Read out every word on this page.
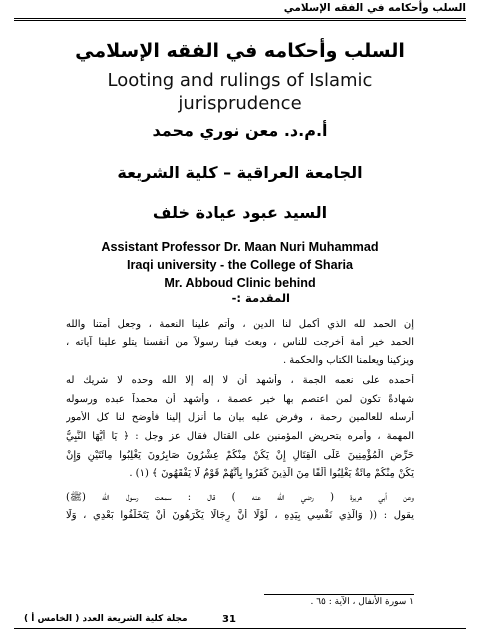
السلب وأحكامه في الفقه الإسلامي
السلب وأحكامه في الفقه الإسلامي
Looting and rulings of Islamic
jurisprudence
أ.م.د. معن نوري محمد
الجامعة العراقية – كلية الشريعة
السيد عبود عيادة خلف
Assistant Professor Dr. Maan Nuri Muhammad
Iraqi university - the College of Sharia
Mr. Abboud Clinic behind
المقدمة :-
إن الحمد لله الذي أكمل لنا الدين ، وأتم علينا النعمة ، وجعل أمتنا والله
الحمد خير أمة أخرجت للناس ، وبعث فينا رسولاً من أنفسنا يتلو علينا آياته ،
ويزكينا ويعلمنا الكتاب والحكمة .
أحمده على نعمه الجمة ، وأشهد أن لا إله إلا الله وحده لا شريك له
شهادةً تكون لمن اعتصم بها خير عصمة ، وأشهد أن محمداً عبده ورسوله
أرسله للعالمين رحمة ، وفرض عليه بيان ما أنزل إلينا فأوضح لنا كل الأمور
المهمة ، وأمره بتحريض المؤمنين على القتال فقال عز وجل : ﴿ يَا أَيُّهَا النَّبِيُّ
حَرِّضِ الْمُؤْمِنِينَ عَلَى الْقِتَالِ إِنْ يَكُنْ مِنْكُمْ عِشْرُونَ صَابِرُونَ يَغْلِبُوا مِائَتَيْنِ وَإِنْ
يَكُنْ مِنْكُمْ مِائَةٌ يَغْلِبُوا أَلْفًا مِنَ الَّذِينَ كَفَرُوا بِأَنَّهُمْ قَوْمٌ لَا يَفْقَهُونَ ﴾ (١) .
وعن أبي هريرة ( رضي الله عنه ) قال : سمعت رسول الله (ﷺ)
يقول : (( وَالَّذِي نَفْسِي بِيَدِهِ ، لَوْلَا أَنَّ رِجَالًا يَكْرَهُونَ أَنْ يَتَخَلَّفُوا بَعْدِي ، وَلَا
١ سورة الأنفال ، الآية : ٦٥ .
مجلة كلية الشريعة العدد ( الخامس أ )	31
